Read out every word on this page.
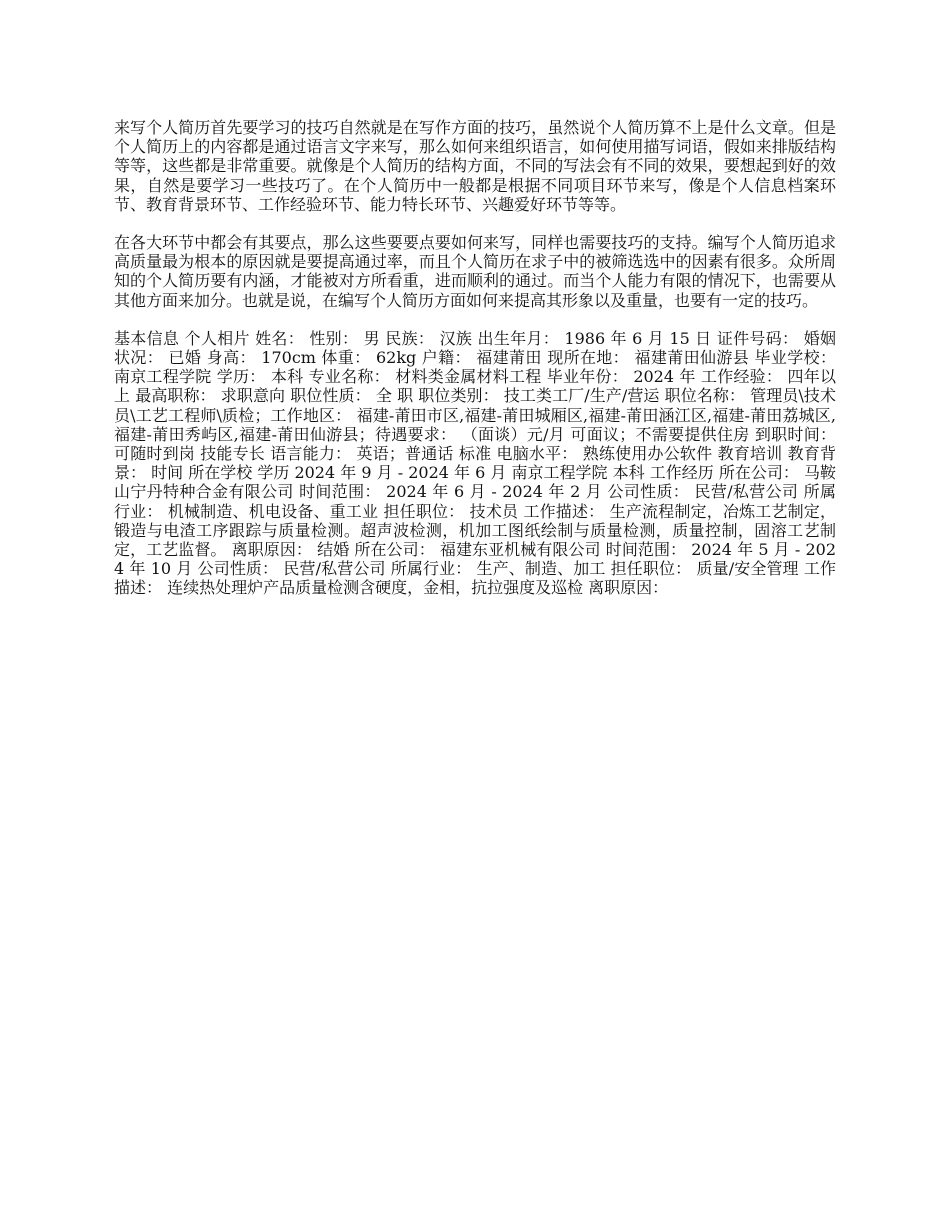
来写个人简历首先要学习的技巧自然就是在写作方面的技巧，虽然说个人简历算不上是什么文章。但是个人简历上的内容都是通过语言文字来写，那么如何来组织语言，如何使用描写词语，假如来排版结构等等，这些都是非常重要。就像是个人简历的结构方面，不同的写法会有不同的效果，要想起到好的效果，自然是要学习一些技巧了。在个人简历中一般都是根据不同项目环节来写，像是个人信息档案环节、教育背景环节、工作经验环节、能力特长环节、兴趣爱好环节等等。

在各大环节中都会有其要点，那么这些要要点要如何来写，同样也需要技巧的支持。编写个人简历追求高质量最为根本的原因就是要提高通过率，而且个人简历在求子中的被筛选选中的因素有很多。众所周知的个人简历要有内涵，才能被对方所看重，进而顺利的通过。而当个人能力有限的情况下，也需要从其他方面来加分。也就是说，在编写个人简历方面如何来提高其形象以及重量，也要有一定的技巧。

基本信息 个人相片 姓名： 性别： 男 民族： 汉族 出生年月： 1986 年 6 月 15 日 证件号码： 婚姻状况： 已婚 身高： 170cm 体重： 62kg 户籍： 福建莆田 现所在地： 福建莆田仙游县 毕业学校： 南京工程学院 学历： 本科 专业名称： 材料类金属材料工程 毕业年份： 2024 年 工作经验： 四年以上 最高职称： 求职意向 职位性质： 全 职 职位类别： 技工类工厂/生产/营运 职位名称： 管理员\技术员\工艺工程师\质检；工作地区： 福建-莆田市区,福建-莆田城厢区,福建-莆田涵江区,福建-莆田荔城区,福建-莆田秀屿区,福建-莆田仙游县；待遇要求： （面谈）元/月 可面议；不需要提供住房 到职时间： 可随时到岗 技能专长 语言能力： 英语；普通话 标准 电脑水平： 熟练使用办公软件 教育培训 教育背景： 时间 所在学校 学历 2024 年 9 月 - 2024 年 6 月 南京工程学院 本科 工作经历 所在公司： 马鞍山宁丹特种合金有限公司 时间范围： 2024 年 6 月 - 2024 年 2 月 公司性质： 民营/私营公司 所属行业： 机械制造、机电设备、重工业 担任职位： 技术员 工作描述： 生产流程制定，冶炼工艺制定，锻造与电渣工序跟踪与质量检测。超声波检测，机加工图纸绘制与质量检测，质量控制，固溶工艺制定，工艺监督。 离职原因： 结婚 所在公司： 福建东亚机械有限公司 时间范围： 2024 年 5 月 - 2024 年 10 月 公司性质： 民营/私营公司 所属行业： 生产、制造、加工 担任职位： 质量/安全管理 工作描述： 连续热处理炉产品质量检测含硬度，金相，抗拉强度及巡检 离职原因：
